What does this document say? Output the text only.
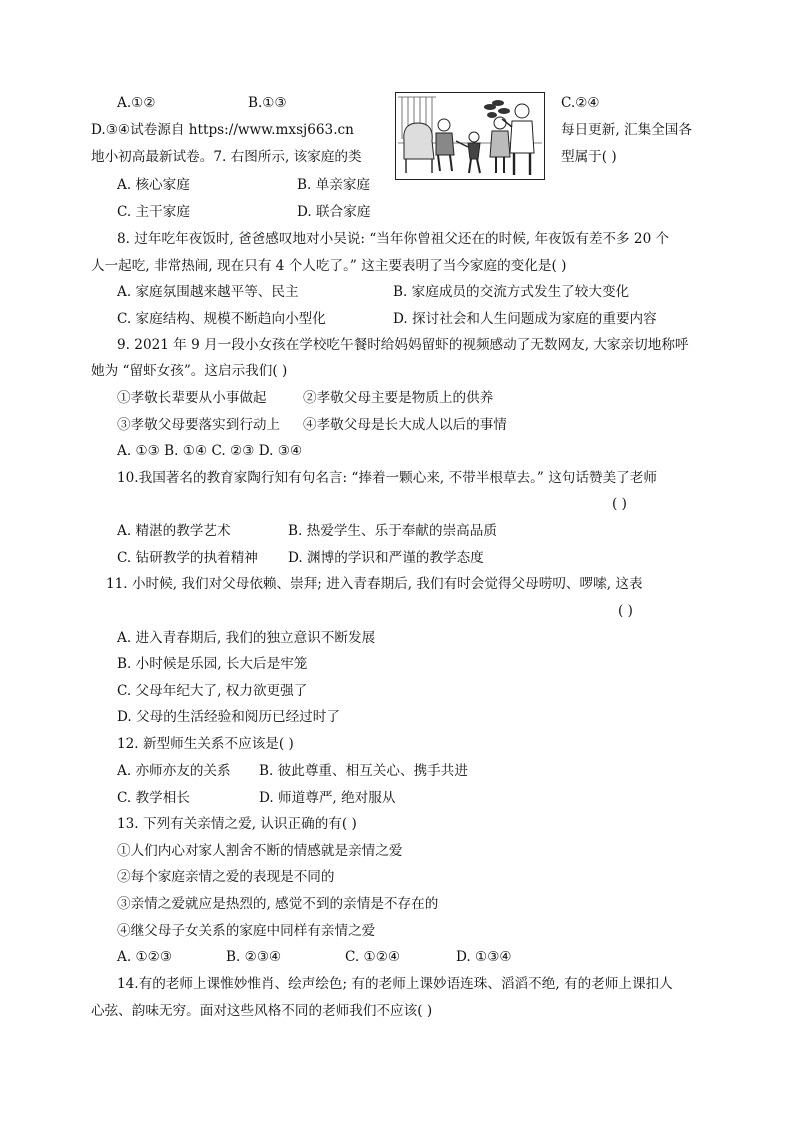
A.①②	B.①③	C.②④
D.③④试卷源自 https://www.mxsj663.cn	每日更新, 汇集全国各
地小初高最新试卷。7. 右图所示, 该家庭的类	型属于( )
A. 核心家庭	B. 单亲家庭
C. 主干家庭	D. 联合家庭
8. 过年吃年夜饭时, 爸爸感叹地对小吴说: “当年你曾祖父还在的时候, 年夜饭有差不多 20 个
人一起吃, 非常热闹, 现在只有 4 个人吃了。” 这主要表明了当今家庭的变化是( )
A. 家庭氛围越来越平等、民主	B. 家庭成员的交流方式发生了较大变化
C. 家庭结构、规模不断趋向小型化	D. 探讨社会和人生问题成为家庭的重要内容
9. 2021 年 9 月一段小女孩在学校吃午餐时给妈妈留虾的视频感动了无数网友, 大家亲切地称呼
她为 “留虾女孩”。这启示我们( )
①孝敬长辈要从小事做起	②孝敬父母主要是物质上的供养
③孝敬父母要落实到行动上 ④孝敬父母是长大成人以后的事情
A. ①③ B. ①④ C. ②③ D. ③④
10.我国著名的教育家陶行知有句名言: “捧着一颗心来, 不带半根草去。” 这句话赞美了老师
( )
A. 精湛的教学艺术	B. 热爱学生、乐于奉献的崇高品质
C. 钻研教学的执着精神 D. 渊博的学识和严谨的教学态度
11. 小时候, 我们对父母依赖、崇拜; 进入青春期后, 我们有时会觉得父母唠叨、啰嗦, 这表
( )
A. 进入青春期后, 我们的独立意识不断发展
B. 小时候是乐园, 长大后是牢笼
C. 父母年纪大了, 权力欲更强了
D. 父母的生活经验和阅历已经过时了
12. 新型师生关系不应该是( )
A. 亦师亦友的关系 B. 彼此尊重、相互关心、携手共进
C. 教学相长	D. 师道尊严, 绝对服从
13. 下列有关亲情之爱, 认识正确的有( )
①人们内心对家人割舍不断的情感就是亲情之爱
②每个家庭亲情之爱的表现是不同的
③亲情之爱就应是热烈的, 感觉不到的亲情是不存在的
④继父母子女关系的家庭中同样有亲情之爱
A. ①②③	B. ②③④	C. ①②④	D. ①③④
14.有的老师上课惟妙惟肖、绘声绘色; 有的老师上课妙语连珠、滔滔不绝, 有的老师上课扣人
心弦、韵味无穷。面对这些风格不同的老师我们不应该( )
